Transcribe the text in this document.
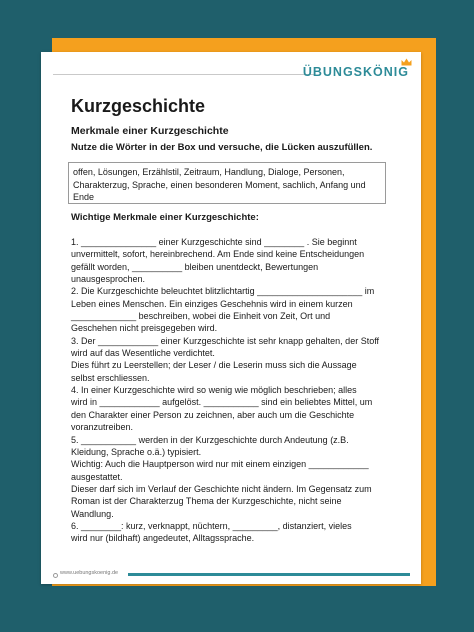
ÜBUNGSKÖNIG
Kurzgeschichte
Merkmale einer Kurzgeschichte
Nutze die Wörter in der Box und versuche, die Lücken auszufüllen.
offen, Lösungen, Erzählstil, Zeitraum, Handlung, Dialoge, Personen,
Charakterzug, Sprache, einen besonderen Moment, sachlich, Anfang und
Ende
Wichtige Merkmale einer Kurzgeschichte:

1. _______________ einer Kurzgeschichte sind ________ . Sie beginnt

unvermittelt, sofort, hereinbrechend. Am Ende sind keine Entscheidungen

gefällt worden, __________ bleiben unentdeckt, Bewertungen

unausgesprochen.

2. Die Kurzgeschichte beleuchtet blitzlichtartig _____________________ im

Leben eines Menschen. Ein einziges Geschehnis wird in einem kurzen

_____________ beschreiben, wobei die Einheit von Zeit, Ort und

Geschehen nicht preisgegeben wird.

3. Der ____________ einer Kurzgeschichte ist sehr knapp gehalten, der Stoff

wird auf das Wesentliche verdichtet.

Dies führt zu Leerstellen; der Leser / die Leserin muss sich die Aussage

selbst erschliessen.

4. In einer Kurzgeschichte wird so wenig wie möglich beschrieben; alles

wird in ____________ aufgelöst. ___________ sind ein beliebtes Mittel, um

den Charakter einer Person zu zeichnen, aber auch um die Geschichte

voranzutreiben.

5. ___________ werden in der Kurzgeschichte durch Andeutung (z.B.

Kleidung, Sprache o.ä.) typisiert.

Wichtig: Auch die Hauptperson wird nur mit einem einzigen ____________

ausgestattet.

Dieser darf sich im Verlauf der Geschichte nicht ändern. Im Gegensatz zum

Roman ist der Charakterzug Thema der Kurzgeschichte, nicht seine

Wandlung.

6. ________: kurz, verknappt, nüchtern, _________, distanziert, vieles

wird nur (bildhaft) angedeutet, Alltagssprache.

www.uebungskoenig.de
